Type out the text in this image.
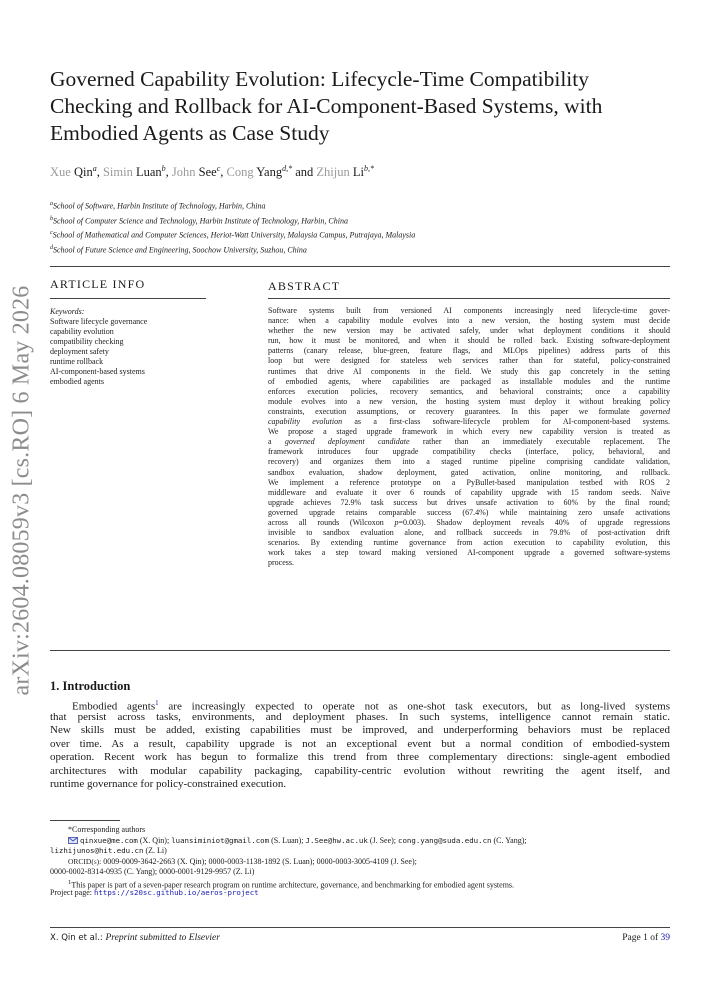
arXiv:2604.08059v3 [cs.RO] 6 May 2026
Governed Capability Evolution: Lifecycle-Time Compatibility
Checking and Rollback for AI-Component-Based Systems, with
Embodied Agents as Case Study
Xue Qin$^a$, Simin Luan$^b$, John See$^c$, Cong Yang$^{d,*}$ and Zhijun $Li^{b,*}$
$^a$School of Software, Harbin Institute of Technology, Harbin, China
$^b$School of Computer Science and Technology, Harbin Institute of Technology, Harbin, China
$^c$School of Mathematical and Computer Sciences, Heriot-Watt University, Malaysia Campus, Putrajaya, Malaysia
$^d$School of Future Science and Engineering, Soochow University, Suzhou, China
ARTICLE INFO
Keywords:
Software lifecycle governance
capability evolution
compatibility checking
deployment safety
runtime rollback
AI-component-based systems
embodied agents
ABSTRACT
Software systems built from versioned AI components increasingly need lifecycle-time gover-
nance: when a capability module evolves into a new version, the hosting system must decide
whether the new version may be activated safely, under what deployment conditions it should
run, how it must be monitored, and when it should be rolled back. Existing software-deployment
patterns (canary release, blue-green, feature flags, and MLOps pipelines) address parts of this
loop but were designed for stateless web services rather than for stateful, policy-constrained
runtimes that drive AI components in the field. We study this gap concretely in the setting
of embodied agents, where capabilities are packaged as installable modules and the runtime
enforces execution policies, recovery semantics, and behavioral constraints; once a capability
module evolves into a new version, the hosting system must deploy it without breaking policy
constraints, execution assumptions, or recovery guarantees. In this paper we formulate governed
capability evolution as a first-class software-lifecycle problem for AI-component-based systems.
We propose a staged upgrade framework in which every new capability version is treated as
a governed deployment candidate rather than an immediately executable replacement. The
framework introduces four upgrade compatibility checks (interface, policy, behavioral, and
recovery) and organizes them into a staged runtime pipeline comprising candidate validation,
sandbox evaluation, shadow deployment, gated activation, online monitoring, and rollback.
We implement a reference prototype on a PyBullet-based manipulation testbed with ROS 2
middleware and evaluate it over 6 rounds of capability upgrade with 15 random seeds. Naïve
upgrade achieves 72.9% task success but drives unsafe activation to 60% by the final round;
governed upgrade retains comparable success (67.4%) while maintaining zero unsafe activations
across all rounds (Wilcoxon p=0.003). Shadow deployment reveals 40% of upgrade regressions
invisible to sandbox evaluation alone, and rollback succeeds in 79.8% of post-activation drift
scenarios. By extending runtime governance from action execution to capability evolution, this
work takes a step toward making versioned AI-component upgrade a governed software-systems
process.
1. Introduction
Embodied agents$^1$ are increasingly expected to operate not as one-shot task executors, but as long-lived systems
that persist across tasks, environments, and deployment phases. In such systems, intelligence cannot remain static.
New skills must be added, existing capabilities must be improved, and underperforming behaviors must be replaced
over time. As a result, capability upgrade is not an exceptional event but a normal condition of embodied-system
operation. Recent work has begun to formalize this trend from three complementary directions: single-agent embodied
architectures with modular capability packaging, capability-centric evolution without rewriting the agent itself, and
runtime governance for policy-constrained execution.
*Corresponding authors
qinxue@me.com (X. Qin); luansiminiot@gmail.com (S. Luan); J.See@hw.ac.uk (J. See); cong.yang@suda.edu.cn (C. Yang);
lizhijunos@hit.edu.cn (Z. Li)
ORCID(s): 0009-0009-3642-2663 (X. Qin); 0000-0003-1138-1892 (S. Luan); 0000-0003-3005-4109 (J. See);
0000-0002-8314-0935 (C. Yang); 0000-0001-9129-9957 (Z. Li)
$^1$This paper is part of a seven-paper research program on runtime architecture, governance, and benchmarking for embodied agent systems.
Project page: https://s20sc.github.io/aeros-project
X. Qin et al.: Preprint submitted to Elsevier	Page 1 of 39
